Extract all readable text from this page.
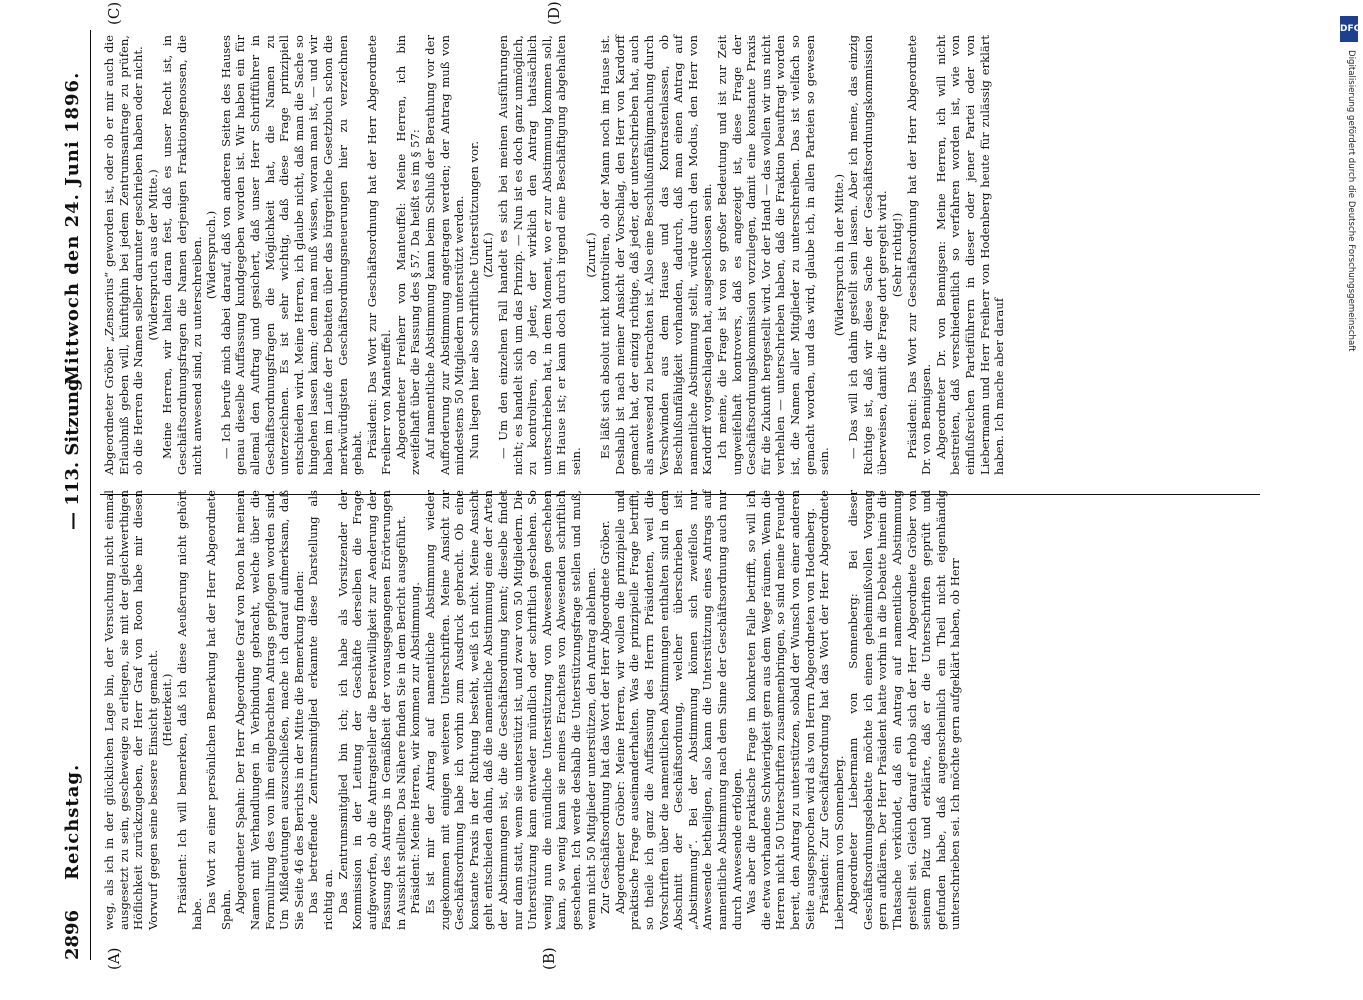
2896
Reichstag.
— 113. Sitzung.
Mittwoch den 24. Juni 1896.
(A)	(B)
(C)	(D)

weg, als ich in der glücklichen Lage bin, der Versuchung nicht einmal ausgesetzt zu sein, gescheweige zu erliegen, sie mit der gleichwerthigen Höflichkeit zurückzugeben, der Herr Graf von Roon habe mir diesen Vorwurf gegen seine bessere Einsicht gemacht. (Heiterkeit.) Präsident: Ich will bemerken, daß ich diese Aeußerung nicht gehört habe. Das Wort zu einer persönlichen Bemerkung hat der Herr Abgeordnete Spahn. Abgeordneter Spahn: Der Herr Abgeordnete Graf von Roon hat meinen Namen mit Verhandlungen in Verbindung gebracht, welche über die Formulirung des von ihm eingebrachten Antrags gepflogen worden sind. Um Mißdeutungen auszuschließen, mache ich darauf aufmerksam, daß Sie Seite 46 des Berichts in der Mitte die Bemerkung finden: Das betreffende Zentrumsmitglied erkannte diese Darstellung als richtig an. Das Zentrumsmitglied bin ich; ich habe als Vorsitzender der Kommission in der Leitung der Geschäfte derselben die Frage aufgeworfen, ob die Antragsteller die Bereitwilligkeit zur Aenderung der Fassung des Antrags in Gemäßheit der vorausgegangenen Erörterungen in Aussicht stellten. Das Nähere finden Sie in dem Bericht ausgeführt. Präsident: Meine Herren, wir kommen zur Abstimmung. Es ist mir der Antrag auf namentliche Abstimmung wieder zugekommen mit einigen weiteren Unterschriften. Meine Ansicht zur Geschäftsordnung habe ich vorhin zum Ausdruck gebracht. Ob eine konstante Praxis in der Richtung besteht, weiß ich nicht. Meine Ansicht geht entschieden dahin, daß die namentliche Abstimmung eine der Arten der Abstimmungen ist, die die Geschäftsordnung kennt; dieselbe findet nur dann statt, wenn sie unterstützt ist, und zwar von 50 Mitgliedern. Die Unterstützung kann entweder mündlich oder schriftlich geschehen. So wenig nun die mündliche Unterstützung von Abwesenden geschehen kann, so wenig kann sie meines Erachtens von Abwesenden schriftlich geschehen. Ich werde deshalb die Unterstützungsfrage stellen und muß, wenn nicht 50 Mitglieder unterstützen, den Antrag ablehnen. Zur Geschäftsordnung hat das Wort der Herr Abgeordnete Gröber. Abgeordneter Gröber: Meine Herren, wir wollen die prinzipielle und praktische Frage auseinanderhalten. Was die prinzipielle Frage betrifft, so theile ich ganz die Auffassung des Herrn Präsidenten, weil die Vorschriften über die namentlichen Abstimmungen enthalten sind in dem Abschnitt der Geschäftsordnung, welcher überschrieben ist: „Abstimmung“. Bei der Abstimmung können sich zweifellos nur Anwesende betheiligen, also kann die Unterstützung eines Antrags auf namentliche Abstimmung nach dem Sinne der Geschäftsordnung auch nur durch Anwesende erfolgen. Was aber die praktische Frage im konkreten Falle betrifft, so will ich die etwa vorhandene Schwierigkeit gern aus dem Wege räumen. Wenn die Herren nicht 50 Unterschriften zusammenbringen, so sind meine Freunde bereit, den Antrag zu unterstützen, sobald der Wunsch von einer anderen Seite ausgesprochen wird als von Herrn Abgeordneten von Hodenberg. Präsident: Zur Geschäftsordnung hat das Wort der Herr Abgeordnete Liebermann von Sonnenberg. Abgeordneter Liebermann von Sonnenberg: Bei dieser Geschäftsordnungsdebatte möchte ich einen geheimnißvollen Vorgang gern aufklären. Der Herr Präsident hatte vorhin in die Debatte hinein die Thatsache verkündet, daß ein Antrag auf namentliche Abstimmung gestellt sei. Gleich darauf erhob sich der Herr Abgeordnete Gröber von seinem Platz und erklärte, daß er die Unterschriften geprüft und gefunden habe, daß augenscheinlich ein Theil nicht eigenhändig unterschrieben sei. Ich möchte gern aufgeklärt haben, ob Herr

Abgeordneter Gröber „Zensorius“ geworden ist, oder ob er mir auch die Erlaubniß geben will, künftighin bei jedem Zentrumsantrage zu prüfen, ob die Herren die Namen selber darunter geschrieben haben oder nicht. (Widerspruch aus der Mitte.) Meine Herren, wir halten daran fest, daß es unser Recht ist, in Geschäftsordnungsfragen die Namen derjenigen Fraktionsgenossen, die nicht anwesend sind, zu unterschreiben. (Widerspruch.) — Ich berufe mich dabei darauf, daß von anderen Seiten des Hauses genau dieselbe Auffassung kundgegeben worden ist. Wir haben ein für allemal den Auftrag und gesichert, daß unser Herr Schriftführer in Geschäftsordnungsfragen die Möglichkeit hat, die Namen zu unterzeichnen. Es ist sehr wichtig, daß diese Frage prinzipiell entschieden wird. Meine Herren, ich glaube nicht, daß man die Sache so hingehen lassen kann; denn man muß wissen, woran man ist, — und wir haben im Laufe der Debatten über das bürgerliche Gesetzbuch schon die merkwürdigsten Geschäftsordnungsneuerungen hier zu verzeichnen gehabt. Präsident: Das Wort zur Geschäftsordnung hat der Herr Abgeordnete Freiherr von Manteuffel. Abgeordneter Freiherr von Manteuffel: Meine Herren, ich bin zweifelhaft über die Fassung des § 57. Da heißt es im § 57: Auf namentliche Abstimmung kann beim Schluß der Berathung vor der Aufforderung zur Abstimmung angetragen werden; der Antrag muß von mindestens 50 Mitgliedern unterstützt werden. Nun liegen hier also schriftliche Unterstützungen vor. (Zuruf.) — Um den einzelnen Fall handelt es sich bei meinen Ausführungen nicht; es handelt sich um das Prinzip. — Nun ist es doch ganz unmöglich, zu kontroliren, ob jeder, der wirklich den Antrag thatsächlich unterschrieben hat, in dem Moment, wo er zur Abstimmung kommen soll, im Hause ist; er kann doch durch irgend eine Beschäftigung abgehalten sein.

(Zuruf.) Es läßt sich absolut nicht kontroliren, ob der Mann noch im Hause ist. Deshalb ist nach meiner Ansicht der Vorschlag, den Herr von Kardorff gemacht hat, der einzig richtige, daß jeder, der unterschrieben hat, auch als anwesend zu betrachten ist. Also eine Beschlußunfähigmachung durch Verschwinden aus dem Hause und das Kontrastenlassen, ob Beschlußunfähigkeit vorhanden, dadurch, daß man einen Antrag auf namentliche Abstimmung stellt, würde durch den Modus, den Herr von Kardorff vorgeschlagen hat, ausgeschlossen sein. Ich meine, die Frage ist von so großer Bedeutung und ist zur Zeit ungweifelhaft kontrovers, daß es angezeigt ist, diese Frage der Geschäftsordnungskommission vorzulegen, damit eine konstante Praxis für die Zukunft hergestellt wird. Vor der Hand — das wollen wir uns nicht verhehlen — unterschrieben haben, daß die Fraktion beauftragt worden ist, die Namen aller Mitglieder zu unterschreiben. Das ist vielfach so gemacht worden, und das wird, glaube ich, in allen Parteien so gewesen sein.

(Widerspruch in der Mitte.) — Das will ich dahin gestellt sein lassen. Aber ich meine, das einzig Richtige ist, daß wir diese Sache der Geschäftsordnungskommission überweisen, damit die Frage dort geregelt wird. (Sehr richtig!) Präsident: Das Wort zur Geschäftsordnung hat der Herr Abgeordnete Dr. von Bennigsen. Abgeordneter Dr. von Bennigsen: Meine Herren, ich will nicht bestreiten, daß verschiedentlich so verfahren worden ist, wie von einflußreichen Parteiführern in dieser oder jener Partei oder von Liebermann und Herr Freiherr von Hodenberg heute für zulässig erklärt haben. Ich mache aber darauf

DFG
Digitalisierung gefördert durch die Deutsche Forschungsgemeinschaft
